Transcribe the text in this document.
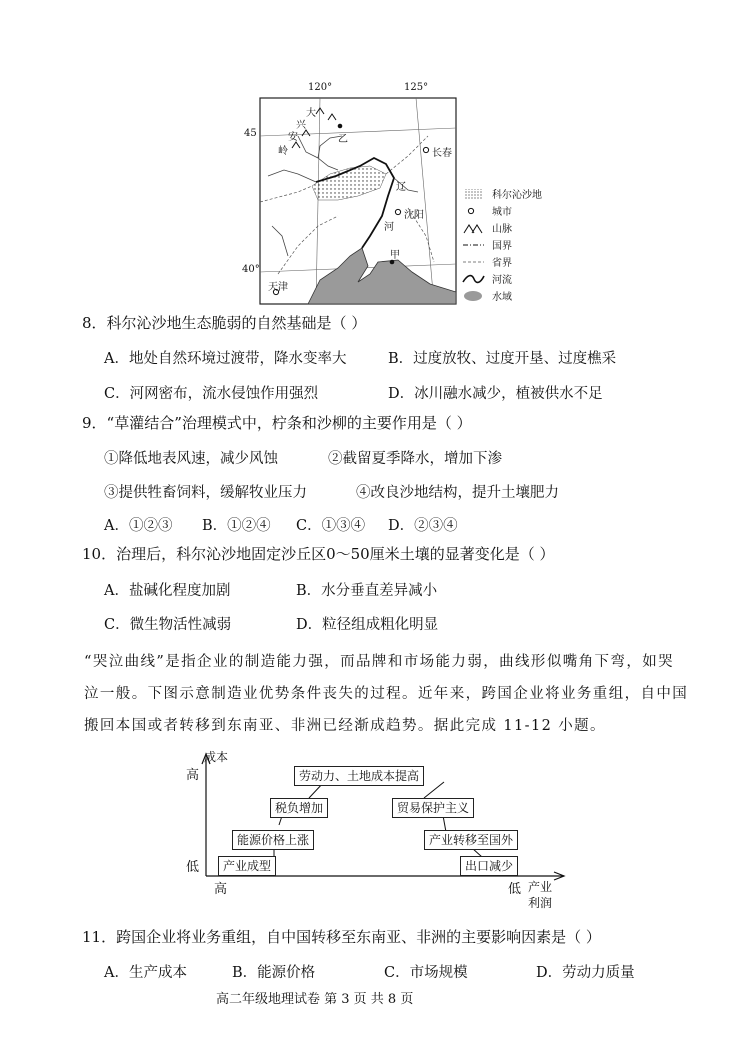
120°	125°
45
40°
大
兴
安
岭
乙
长春
辽
沈阳
河
甲
天津
科尔沁沙地
城市
山脉
国界
省界
河流
水域
8．科尔沁沙地生态脆弱的自然基础是（ ）
A．地处自然环境过渡带，降水变率大	B．过度放牧、过度开垦、过度樵采
C．河网密布，流水侵蚀作用强烈	D．冰川融水减少，植被供水不足
9．“草灌结合”治理模式中，柠条和沙柳的主要作用是（ ）
①降低地表风速，减少风蚀	②截留夏季降水，增加下渗
③提供牲畜饲料，缓解牧业压力	④改良沙地结构，提升土壤肥力
A．①②③ B．①②④ C．①③④ D．②③④
10．治理后，科尔沁沙地固定沙丘区0～50厘米土壤的显著变化是（ ）
A．盐碱化程度加剧	B．水分垂直差异减小
C．微生物活性减弱	D．粒径组成粗化明显
“哭泣曲线”是指企业的制造能力强，而品牌和市场能力弱，曲线形似嘴角下弯，如哭
泣一般。下图示意制造业优势条件丧失的过程。近年来，跨国企业将业务重组，自中国
搬回本国或者转移到东南亚、非洲已经渐成趋势。据此完成 11-12 小题。
成本
高
低
高	低 产业
利润
劳动力、土地成本提高
税负增加	贸易保护主义
能源价格上涨	产业转移至国外
产业成型	出口减少
11．跨国企业将业务重组，自中国转移至东南亚、非洲的主要影响因素是（ ）
A．生产成本	B．能源价格	C．市场规模	D．劳动力质量
高二年级地理试卷 第 3 页 共 8 页
